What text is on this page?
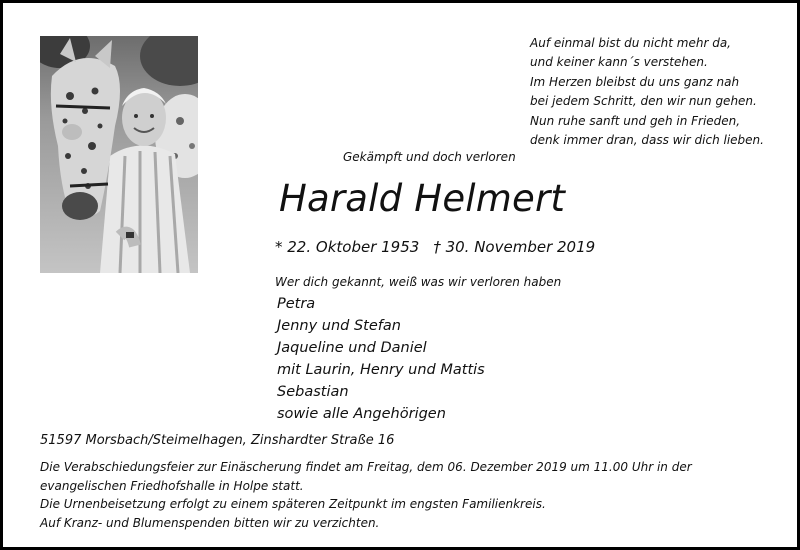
Auf einmal bist du nicht mehr da,
und keiner kann´s verstehen.
Im Herzen bleibst du uns ganz nah
bei jedem Schritt, den wir nun gehen.
Nun ruhe sanft und geh in Frieden,
denk immer dran, dass wir dich lieben.
Gekämpft und doch verloren
Harald Helmert
* 22. Oktober 1953 † 30. November 2019
Wer dich gekannt, weiß was wir verloren haben
Petra
Jenny und Stefan
Jaqueline und Daniel
mit Laurin, Henry und Mattis
Sebastian
sowie alle Angehörigen
51597 Morsbach/Steimelhagen, Zinshardter Straße 16
Die Verabschiedungsfeier zur Einäscherung findet am Freitag, dem 06. Dezember 2019 um 11.00 Uhr in der
evangelischen Friedhofshalle in Holpe statt.
Die Urnenbeisetzung erfolgt zu einem späteren Zeitpunkt im engsten Familienkreis.
Auf Kranz- und Blumenspenden bitten wir zu verzichten.
